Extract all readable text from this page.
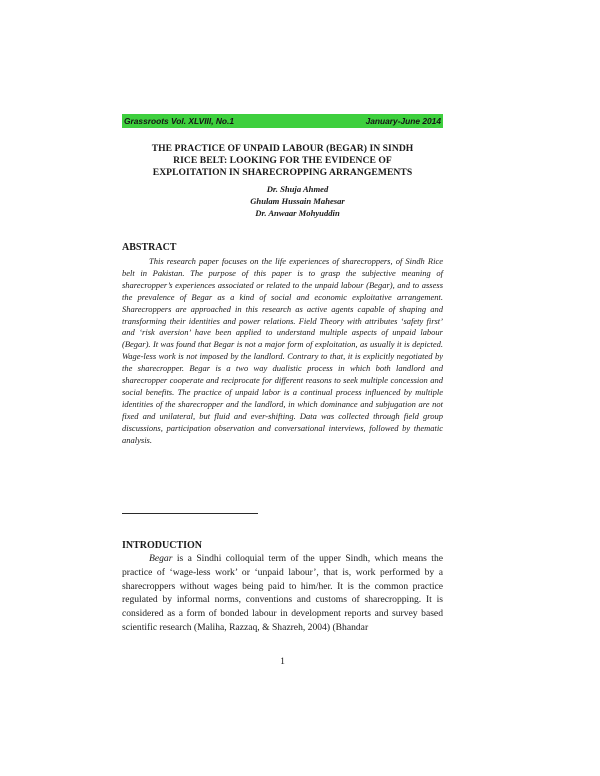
Grassroots Vol. XLVIII, No.1	January-June 2014
THE PRACTICE OF UNPAID LABOUR (BEGAR) IN SINDH
RICE BELT: LOOKING FOR THE EVIDENCE OF
EXPLOITATION IN SHARECROPPING ARRANGEMENTS
Dr. Shuja Ahmed
Ghulam Hussain Mahesar
Dr. Anwaar Mohyuddin
ABSTRACT
This research paper focuses on the life experiences of sharecroppers, of Sindh Rice belt in Pakistan. The purpose of this paper is to grasp the subjective meaning of sharecropper’s experiences associated or related to the unpaid labour (Begar), and to assess the prevalence of Begar as a kind of social and economic exploitative arrangement. Sharecroppers are approached in this research as active agents capable of shaping and transforming their identities and power relations. Field Theory with attributes ‘safety first’ and ‘risk aversion’ have been applied to understand multiple aspects of unpaid labour (Begar). It was found that Begar is not a major form of exploitation, as usually it is depicted. Wage-less work is not imposed by the landlord. Contrary to that, it is explicitly negotiated by the sharecropper. Begar is a two way dualistic process in which both landlord and sharecropper cooperate and reciprocate for different reasons to seek multiple concession and social benefits. The practice of unpaid labor is a continual process influenced by multiple identities of the sharecropper and the landlord, in which dominance and subjugation are not fixed and unilateral, but fluid and ever-shifting. Data was collected through field group discussions, participation observation and conversational interviews, followed by thematic analysis.
INTRODUCTION
Begar is a Sindhi colloquial term of the upper Sindh, which means the practice of ‘wage-less work’ or ‘unpaid labour’, that is, work performed by a sharecroppers without wages being paid to him/her. It is the common practice regulated by informal norms, conventions and customs of sharecropping. It is considered as a form of bonded labour in development reports and survey based scientific research (Maliha, Razzaq, & Shazreh, 2004) (Bhandar
1
